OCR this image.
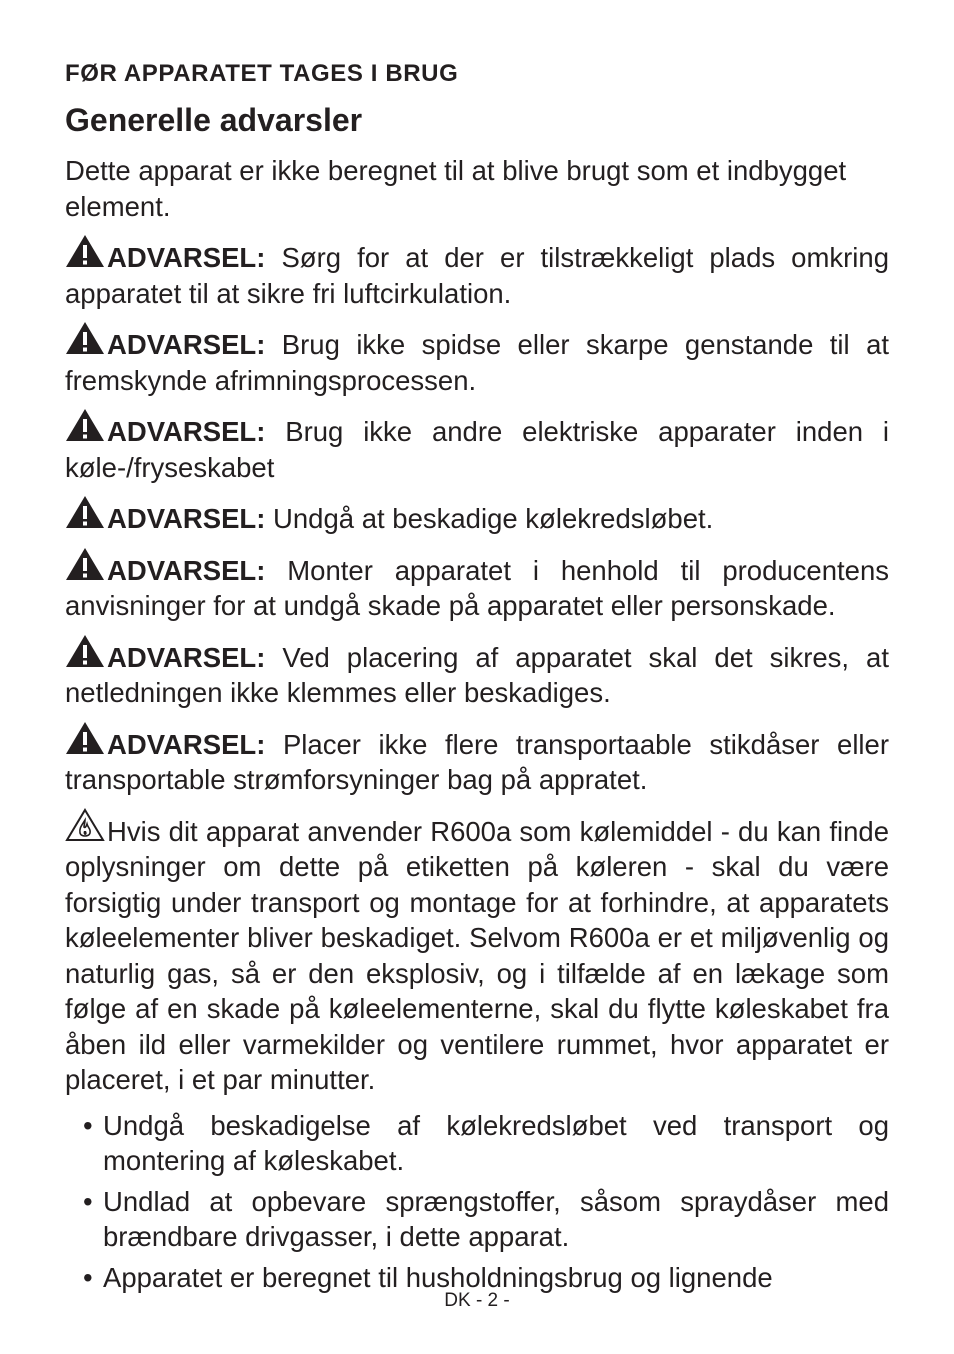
FØR APPARATET TAGES I BRUG
Generelle advarsler

Dette apparat er ikke beregnet til at blive brugt som et indbygget element.

ADVARSEL: Sørg for at der er tilstrækkeligt plads omkring apparatet til at sikre fri luftcirkulation.

ADVARSEL: Brug ikke spidse eller skarpe genstande til at fremskynde afrimningsprocessen.

ADVARSEL: Brug ikke andre elektriske apparater inden i køle-/fryseskabet

ADVARSEL: Undgå at beskadige kølekredsløbet.

ADVARSEL: Monter apparatet i henhold til producentens anvisninger for at undgå skade på apparatet eller personskade.

ADVARSEL: Ved placering af apparatet skal det sikres, at netledningen ikke klemmes eller beskadiges.

ADVARSEL: Placer ikke flere transportaable stikdåser eller transportable strømforsyninger bag på appratet.

Hvis dit apparat anvender R600a som kølemiddel - du kan finde oplysninger om dette på etiketten på køleren - skal du være forsigtig under transport og montage for at forhindre, at apparatets køleelementer bliver beskadiget. Selvom R600a er et miljøvenlig og naturlig gas, så er den eksplosiv, og i tilfælde af en lækage som følge af en skade på køleelementerne, skal du flytte køleskabet fra åben ild eller varmekilder og ventilere rummet, hvor apparatet er placeret, i et par minutter.

• Undgå beskadigelse af kølekredsløbet ved transport og montering af køleskabet.
• Undlad at opbevare sprængstoffer, såsom spraydåser med brændbare drivgasser, i dette apparat.
• Apparatet er beregnet til husholdningsbrug og lignende
DK - 2 -
